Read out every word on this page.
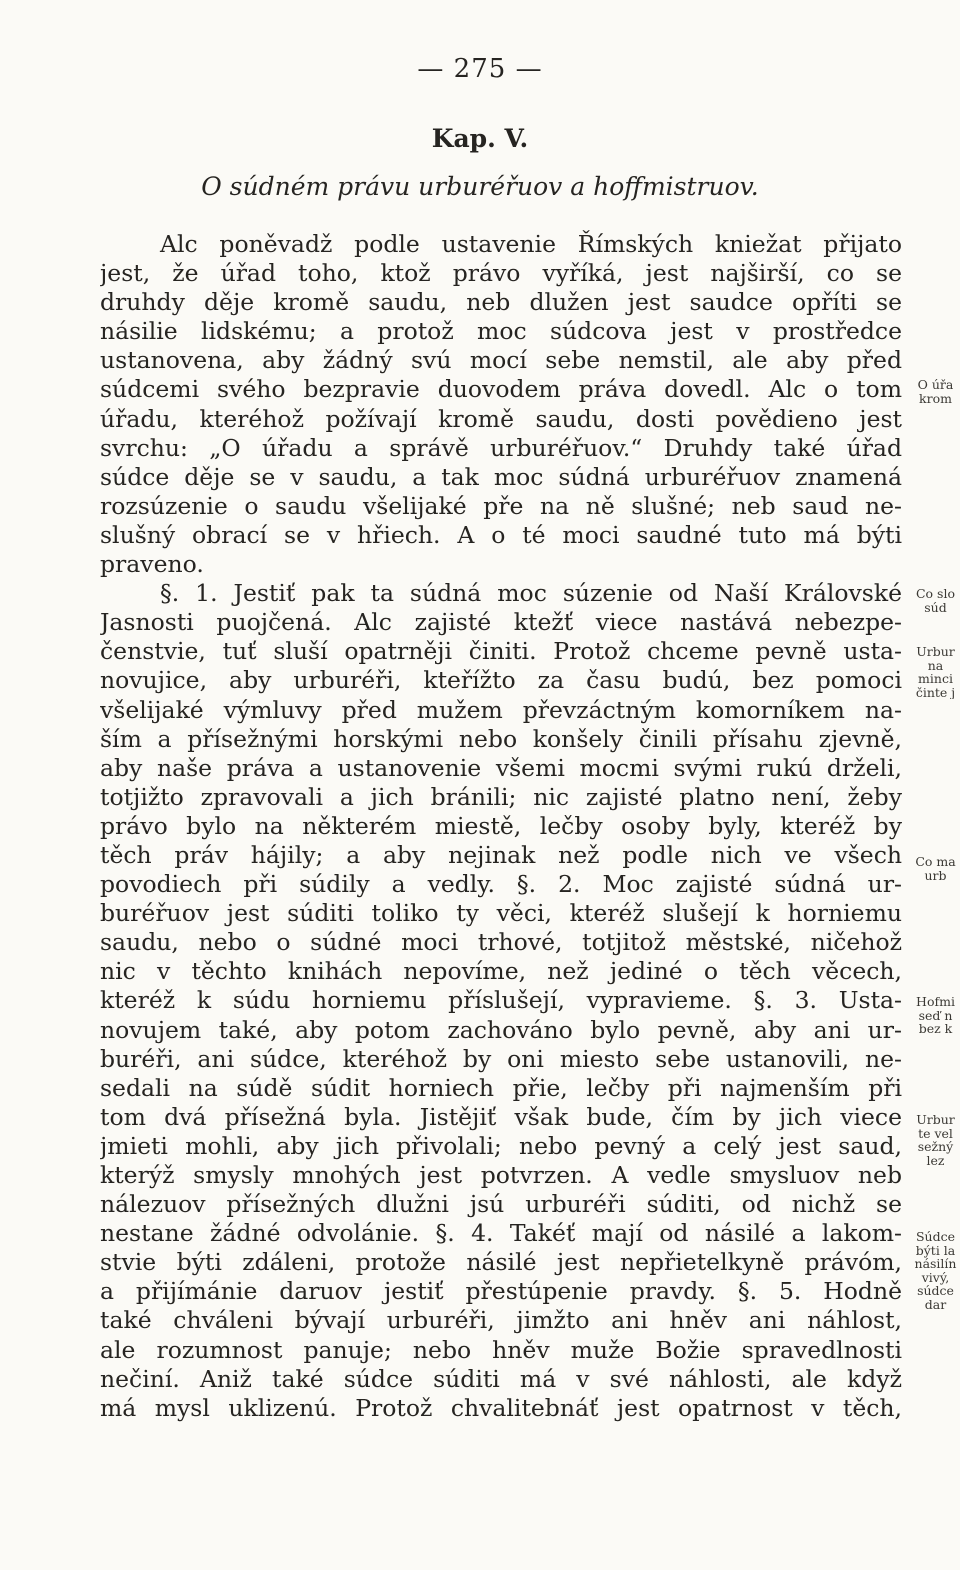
— 275 —
Kap. V.
O súdném právu urburéřuov a hoffmistruov.
Alc poněvadž podle ustavenie Římských kniežat přijato
jest, že úřad toho, ktož právo vyříká, jest najširší, co se
druhdy děje kromě saudu, neb dlužen jest saudce opříti se
násilie lidskému; a protož moc súdcova jest v prostředce
ustanovena, aby žádný svú mocí sebe nemstil, ale aby před
súdcemi svého bezpravie duovodem práva dovedl. Alc o tom
úřadu, kteréhož požívají kromě saudu, dosti povědieno jest
svrchu: „O úřadu a správě urburéřuov.“ Druhdy také úřad
súdce děje se v saudu, a tak moc súdná urburéřuov znamená
rozsúzenie o saudu všelijaké pře na ně slušné; neb saud ne-
slušný obrací se v hřiech. A o té moci saudné tuto má býti
praveno.
§. 1. Jestiť pak ta súdná moc súzenie od Naší Královské
Jasnosti puojčená. Alc zajisté ktežť viece nastává nebezpe-
čenstvie, tuť sluší opatrněji činiti. Protož chceme pevně usta-
novujice, aby urburéři, kteřížto za času budú, bez pomoci
všelijaké výmluvy před mužem převzáctným komorníkem na-
ším a přísežnými horskými nebo konšely činili přísahu zjevně,
aby naše práva a ustanovenie všemi mocmi svými rukú drželi,
totjižto zpravovali a jich bránili; nic zajisté platno není, žeby
právo bylo na některém miestě, lečby osoby byly, kteréž by
těch práv hájily; a aby nejinak než podle nich ve všech
povodiech při súdily a vedly. §. 2. Moc zajisté súdná ur-
buréřuov jest súditi toliko ty věci, kteréž slušejí k horniemu
saudu, nebo o súdné moci trhové, totjitož městské, ničehož
nic v těchto knihách nepovíme, než jediné o těch věcech,
kteréž k súdu horniemu příslušejí, vypravieme. §. 3. Usta-
novujem také, aby potom zachováno bylo pevně, aby ani ur-
buréři, ani súdce, kteréhož by oni miesto sebe ustanovili, ne-
sedali na súdě súdit horniech přie, lečby při najmenším při
tom dvá přísežná byla. Jistějiť však bude, čím by jich viece
jmieti mohli, aby jich přivolali; nebo pevný a celý jest saud,
kterýž smysly mnohých jest potvrzen. A vedle smysluov neb
nálezuov přísežných dlužni jsú urburéři súditi, od nichž se
nestane žádné odvolánie. §. 4. Takéť mají od násilé a lakom-
stvie býti zdáleni, protože násilé jest nepřietelkyně právóm,
a přijímánie daruov jestiť přestúpenie pravdy. §. 5. Hodně
také chváleni bývají urburéři, jimžto ani hněv ani náhlost,
ale rozumnost panuje; nebo hněv muže Božie spravedlnosti
nečiní. Aniž také súdce súditi má v své náhlosti, ale když
má mysl uklizenú. Protož chvalitebnáť jest opatrnost v těch,
O úřa
krom
Co slo
súd
Urbur
na
minci
činte j
Co ma
urb
Hofmi
seď n
bez k
Urbur
te vel
sežný
lez
Súdce
býti la
násilín
vivý,
súdce
dar
